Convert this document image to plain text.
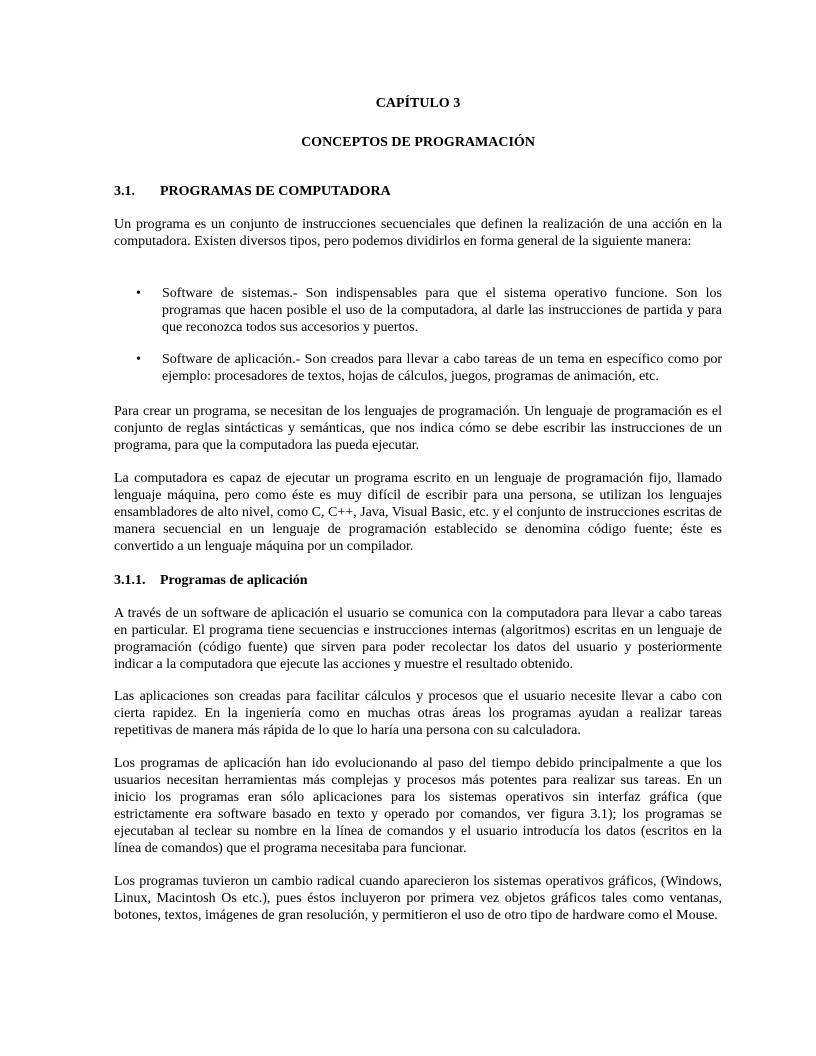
CAPÍTULO 3

CONCEPTOS DE PROGRAMACIÓN

3.1. PROGRAMAS DE COMPUTADORA

Un programa es un conjunto de instrucciones secuenciales que definen la realización de una acción en la computadora. Existen diversos tipos, pero podemos dividirlos en forma general de la siguiente manera:

• Software de sistemas.- Son indispensables para que el sistema operativo funcione. Son los programas que hacen posible el uso de la computadora, al darle las instrucciones de partida y para que reconozca todos sus accesorios y puertos.
• Software de aplicación.- Son creados para llevar a cabo tareas de un tema en específico como por ejemplo: procesadores de textos, hojas de cálculos, juegos, programas de animación, etc.

Para crear un programa, se necesitan de los lenguajes de programación. Un lenguaje de programación es el conjunto de reglas sintácticas y semánticas, que nos indica cómo se debe escribir las instrucciones de un programa, para que la computadora las pueda ejecutar.

La computadora es capaz de ejecutar un programa escrito en un lenguaje de programación fijo, llamado lenguaje máquina, pero como éste es muy difícil de escribir para una persona, se utilizan los lenguajes ensambladores de alto nivel, como C, C++, Java, Visual Basic, etc. y el conjunto de instrucciones escritas de manera secuencial en un lenguaje de programación establecido se denomina código fuente; éste es convertido a un lenguaje máquina por un compilador.

3.1.1. Programas de aplicación

A través de un software de aplicación el usuario se comunica con la computadora para llevar a cabo tareas en particular. El programa tiene secuencias e instrucciones internas (algoritmos) escritas en un lenguaje de programación (código fuente) que sirven para poder recolectar los datos del usuario y posteriormente indicar a la computadora que ejecute las acciones y muestre el resultado obtenido.

Las aplicaciones son creadas para facilitar cálculos y procesos que el usuario necesite llevar a cabo con cierta rapidez. En la ingeniería como en muchas otras áreas los programas ayudan a realizar tareas repetitivas de manera más rápida de lo que lo haría una persona con su calculadora.

Los programas de aplicación han ido evolucionando al paso del tiempo debido principalmente a que los usuarios necesitan herramientas más complejas y procesos más potentes para realizar sus tareas. En un inicio los programas eran sólo aplicaciones para los sistemas operativos sin interfaz gráfica (que estrictamente era software basado en texto y operado por comandos, ver figura 3.1); los programas se ejecutaban al teclear su nombre en la línea de comandos y el usuario introducía los datos (escritos en la línea de comandos) que el programa necesitaba para funcionar.

Los programas tuvieron un cambio radical cuando aparecieron los sistemas operativos gráficos, (Windows, Linux, Macintosh Os etc.), pues éstos incluyeron por primera vez objetos gráficos tales como ventanas, botones, textos, imágenes de gran resolución, y permitieron el uso de otro tipo de hardware como el Mouse.
